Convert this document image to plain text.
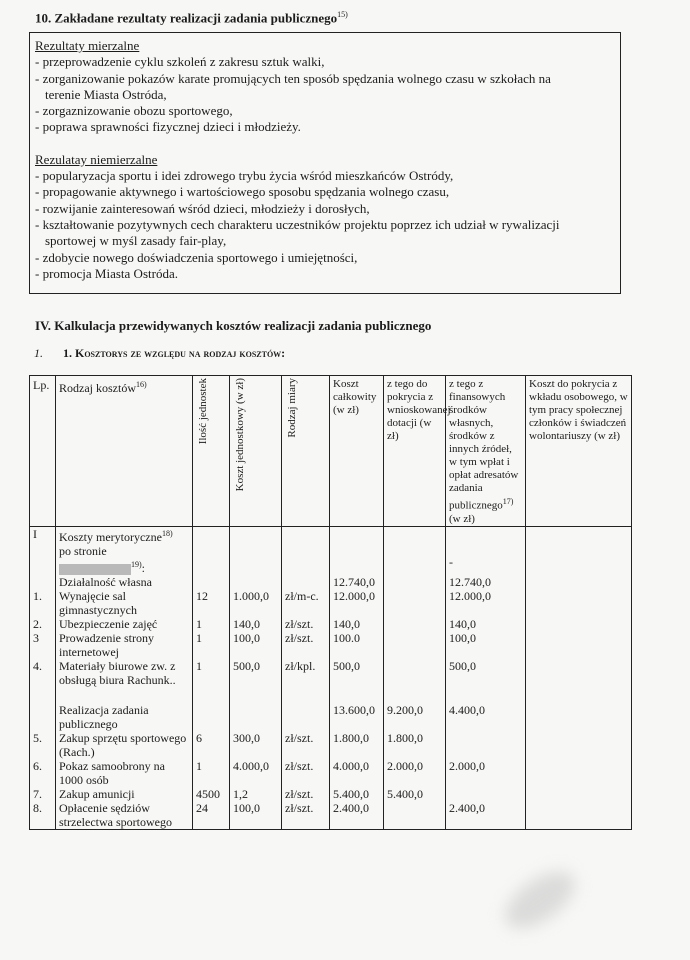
10. Zakładane rezultaty realizacji zadania publicznego$^{15)}$
Rezultaty mierzalne
- przeprowadzenie cyklu szkoleń z zakresu sztuk walki,
- zorganizowanie pokazów karate promujących ten sposób spędzania wolnego czasu w szkołach na
terenie Miasta Ostróda,
- zorgaznizowanie obozu sportowego,
- poprawa sprawności fizycznej dzieci i młodzieży.
Rezulatay niemierzalne
- popularyzacja sportu i idei zdrowego trybu życia wśród mieszkańców Ostródy,
- propagowanie aktywnego i wartościowego sposobu spędzania wolnego czasu,
- rozwijanie zainteresowań wśród dzieci, młodzieży i dorosłych,
- kształtowanie pozytywnych cech charakteru uczestników projektu poprzez ich udział w rywalizacji
sportowej w myśl zasady fair-play,
- zdobycie nowego doświadczenia sportowego i umiejętności,
- promocja Miasta Ostróda.
IV. Kalkulacja przewidywanych kosztów realizacji zadania publicznego
1. 1. Kosztorys ze względu na rodzaj kosztów:
Lp.	Rodzaj kosztów$^{16)}$	Ilość jednostek	Koszt jednostkowy (w zł)	Rodzaj miary	Koszt całkowity (w zł)	z tego do pokrycia z wnioskowanej dotacji (w zł)	z tego z finansowych środków własnych, środków z innych źródeł, w tym wpłat i opłat adresatów zadania publicznego$^{17)}$ (w zł)	Koszt do pokrycia z wkładu osobowego, w tym pracy społecznej członków i świadczeń wolontariuszy (w zł)
I	Koszty merytoryczne$^{18)}$
po stronie
$^{19)}$:						-	
	Działalność własna				12.740,0		12.740,0	
1.	Wynajęcie sal gimnastycznych	12	1.000,0	zł/m-c.	12.000,0		12.000,0	
2.	Ubezpieczenie zajęć	1	140,0	zł/szt.	140,0		140,0	
3	Prowadzenie strony internetowej	1	100,0	zł/szt.	100.0		100,0	
4.	Materiały biurowe zw. z obsługą biura Rachunk..	1	500,0	zł/kpl.	500,0		500,0	

	Realizacja zadania publicznego				13.600,0	9.200,0	4.400,0	
5.	Zakup sprzętu sportowego (Rach.)	6	300,0	zł/szt.	1.800,0	1.800,0		
6.	Pokaz samoobrony na 1000 osób	1	4.000,0	zł/szt.	4.000,0	2.000,0	2.000,0	
7.	Zakup amunicji	4500	1,2	zł/szt.	5.400,0	5.400,0		
8.	Opłacenie sędziów strzelectwa sportowego	24	100,0	zł/szt.	2.400,0		2.400,0	
